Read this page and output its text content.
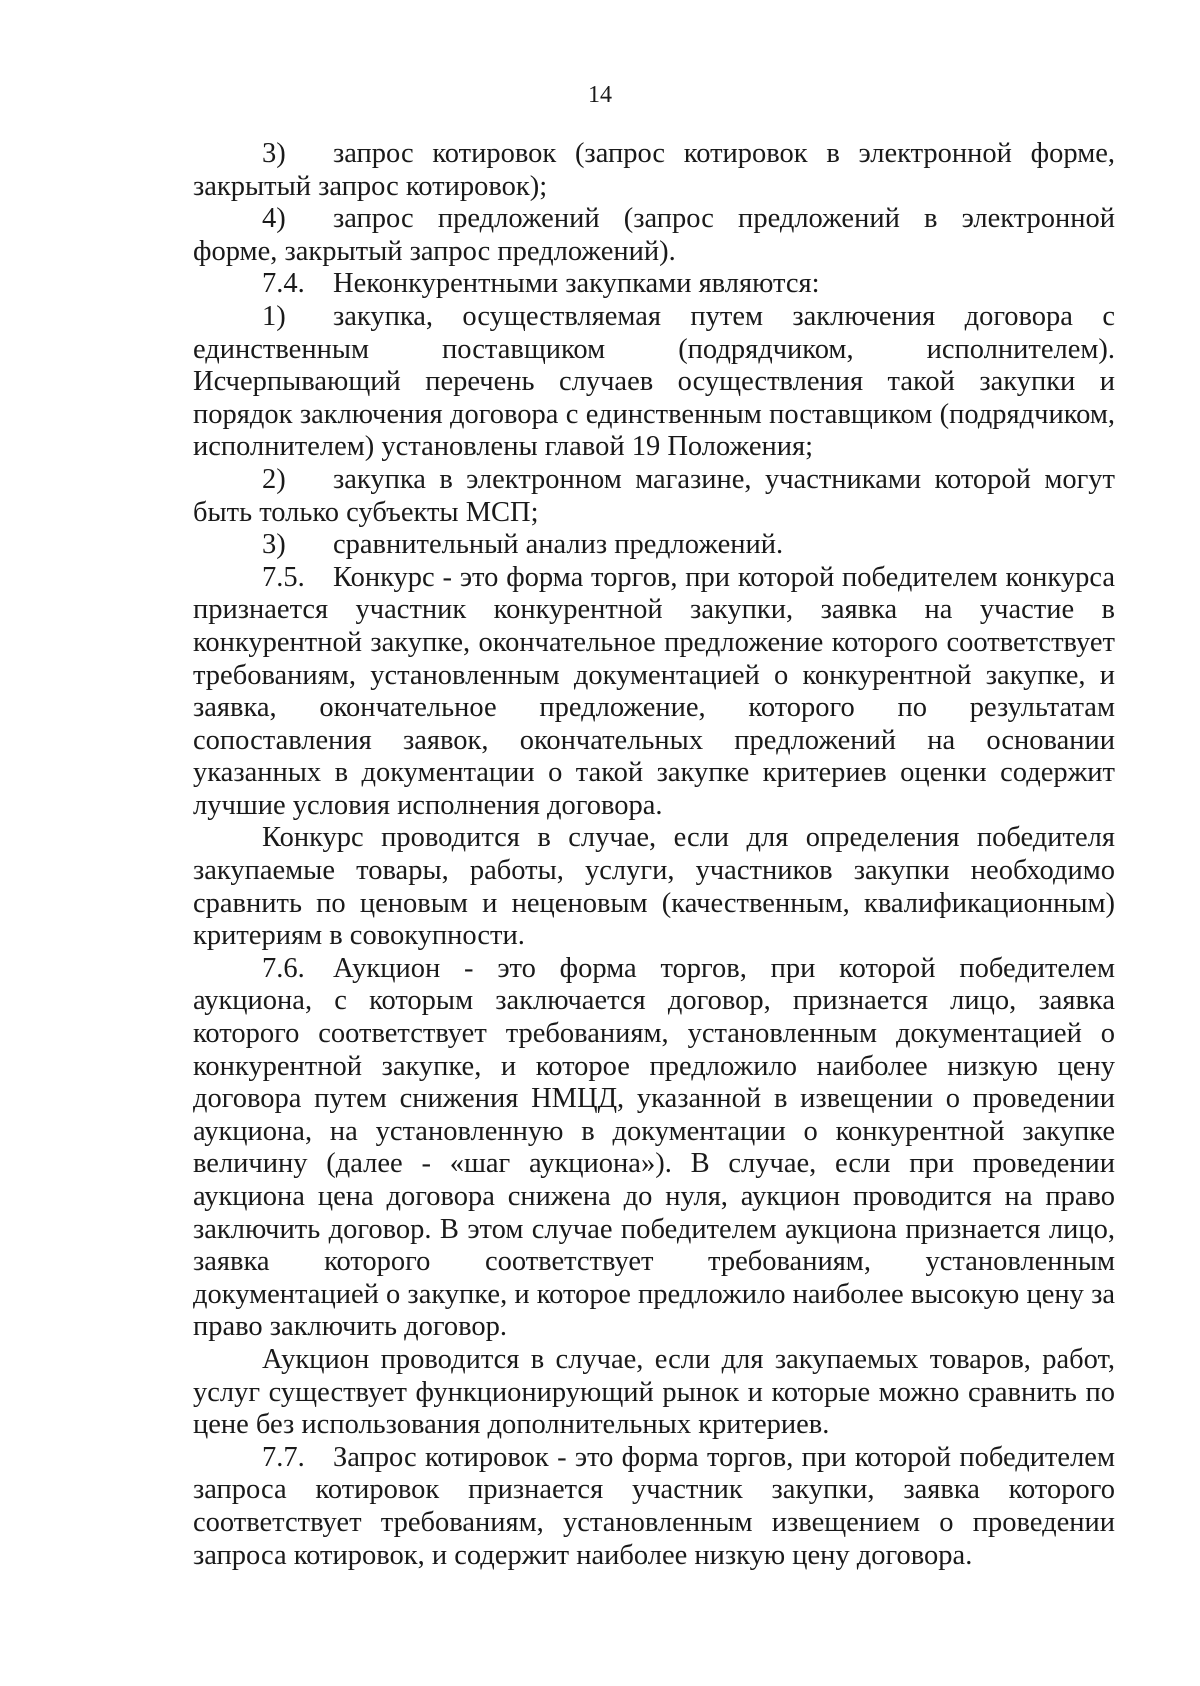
14

3) запрос котировок (запрос котировок в электронной форме, закрытый запрос котировок);

4) запрос предложений (запрос предложений в электронной форме, закрытый запрос предложений).

7.4. Неконкурентными закупками являются:

1) закупка, осуществляемая путем заключения договора с единственным поставщиком (подрядчиком, исполнителем). Исчерпывающий перечень случаев осуществления такой закупки и порядок заключения договора с единственным поставщиком (подрядчиком, исполнителем) установлены главой 19 Положения;

2) закупка в электронном магазине, участниками которой могут быть только субъекты МСП;

3) сравнительный анализ предложений.

7.5. Конкурс - это форма торгов, при которой победителем конкурса признается участник конкурентной закупки, заявка на участие в конкурентной закупке, окончательное предложение которого соответствует требованиям, установленным документацией о конкурентной закупке, и заявка, окончательное предложение, которого по результатам сопоставления заявок, окончательных предложений на основании указанных в документации о такой закупке критериев оценки содержит лучшие условия исполнения договора.

Конкурс проводится в случае, если для определения победителя закупаемые товары, работы, услуги, участников закупки необходимо сравнить по ценовым и неценовым (качественным, квалификационным) критериям в совокупности.

7.6. Аукцион - это форма торгов, при которой победителем аукциона, с которым заключается договор, признается лицо, заявка которого соответствует требованиям, установленным документацией о конкурентной закупке, и которое предложило наиболее низкую цену договора путем снижения НМЦД, указанной в извещении о проведении аукциона, на установленную в документации о конкурентной закупке величину (далее - «шаг аукциона»). В случае, если при проведении аукциона цена договора снижена до нуля, аукцион проводится на право заключить договор. В этом случае победителем аукциона признается лицо, заявка которого соответствует требованиям, установленным документацией о закупке, и которое предложило наиболее высокую цену за право заключить договор.

Аукцион проводится в случае, если для закупаемых товаров, работ, услуг существует функционирующий рынок и которые можно сравнить по цене без использования дополнительных критериев.

7.7. Запрос котировок - это форма торгов, при которой победителем запроса котировок признается участник закупки, заявка которого соответствует требованиям, установленным извещением о проведении запроса котировок, и содержит наиболее низкую цену договора.
